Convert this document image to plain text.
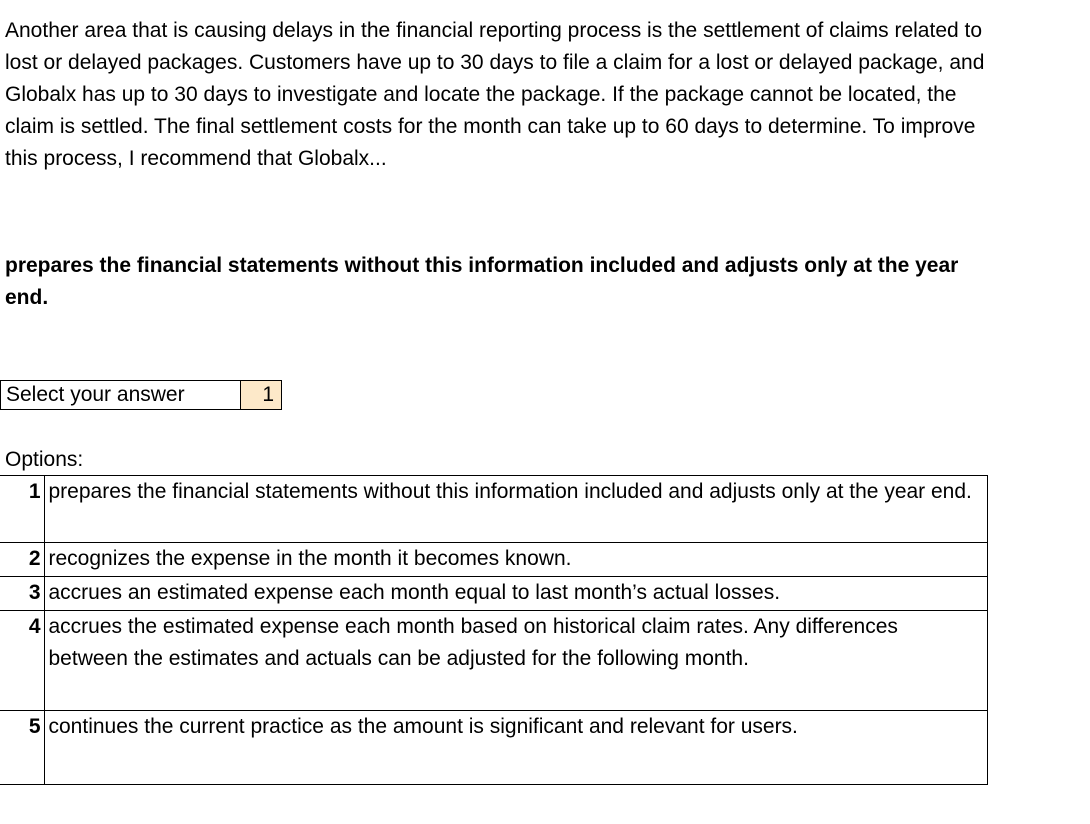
Another area that is causing delays in the financial reporting process is the settlement of claims related to lost or delayed packages. Customers have up to 30 days to file a claim for a lost or delayed package, and Globalx has up to 30 days to investigate and locate the package. If the package cannot be located, the claim is settled. The final settlement costs for the month can take up to 60 days to determine. To improve this process, I recommend that Globalx...

prepares the financial statements without this information included and adjusts only at the year end.

Select your answer	1
Options:
1	prepares the financial statements without this information included and adjusts only at the year end.
2	recognizes the expense in the month it becomes known.
3	accrues an estimated expense each month equal to last month’s actual losses.
4	accrues the estimated expense each month based on historical claim rates. Any differences between the estimates and actuals can be adjusted for the following month.
5	continues the current practice as the amount is significant and relevant for users.
